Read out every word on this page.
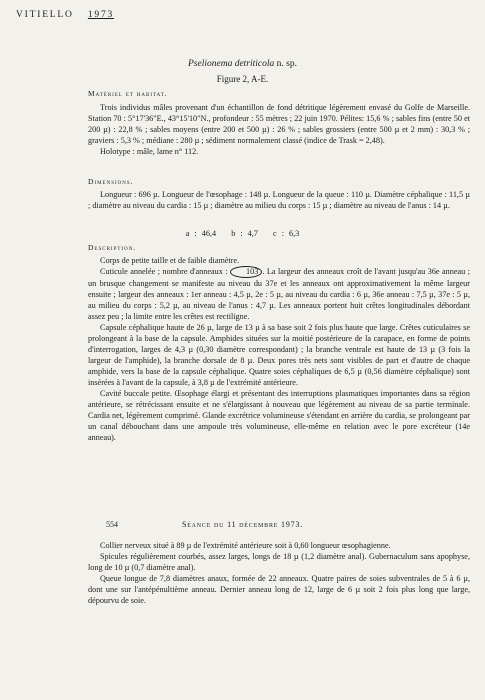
VITIELLO 1973
Pselionema detriticola n. sp.
Figure 2, A-E.
Matériel et habitat.

Trois individus mâles provenant d'un échantillon de fond détritique légèrement envasé du Golfe de Marseille. Station 70 : 5°17'36"E., 43°15'10"N., profondeur : 55 mètres ; 22 juin 1970. Pélites: 15,6 % ; sables fins (entre 50 et 200 µ) : 22,8 % ; sables moyens (entre 200 et 500 µ) : 26 % ; sables grossiers (entre 500 µ et 2 mm) : 30,3 % ; graviers : 5,3 % ; médiane : 280 µ ; sédiment normalement classé (indice de Trask = 2,48).

Holotype : mâle, lame n° 112.

Dimensions.

Longueur : 696 µ. Longueur de l'œsophage : 148 µ. Longueur de la queue : 110 µ. Diamètre céphalique : 11,5 µ ; diamètre au niveau du cardia : 15 µ ; diamètre au milieu du corps : 15 µ ; diamètre au niveau de l'anus : 14 µ.

a : 46,4   b : 4,7   c : 6,3
Description.

Corps de petite taille et de faible diamètre.

Cuticule annelée ; nombre d'anneaux : 103 . La largeur des anneaux croît de l'avant jusqu'au 36e anneau ; un brusque changement se manifeste au niveau du 37e et les anneaux ont approximativement la même largeur ensuite ; largeur des anneaux : 1er anneau : 4,5 µ, 2e : 5 µ, au niveau du cardia : 6 µ, 36e anneau : 7,5 µ, 37e : 5 µ, au milieu du corps : 5,2 µ, au niveau de l'anus : 4,7 µ. Les anneaux portent huit crêtes longitudinales débordant assez peu ; la limite entre les crêtes est rectiligne.

Capsule céphalique haute de 26 µ, large de 13 µ à sa base soit 2 fois plus haute que large. Crêtes cuticulaires se prolongeant à la base de la capsule. Amphides situées sur la moitié postérieure de la carapace, en forme de points d'interrogation, larges de 4,3 µ (0,30 diamètre correspondant) ; la branche ventrale est haute de 13 µ (3 fois la largeur de l'amphide), la branche dorsale de 8 µ. Deux pores très nets sont visibles de part et d'autre de chaque amphide, vers la base de la capsule céphalique. Quatre soies céphaliques de 6,5 µ (0,56 diamètre céphalique) sont insérées à l'avant de la capsule, à 3,8 µ de l'extrémité antérieure.

Cavité buccale petite. Œsophage élargi et présentant des interruptions plasmatiques importantes dans sa région antérieure, se rétrécissant ensuite et ne s'élargissant à nouveau que légèrement au niveau de sa partie terminale. Cardia net, légèrement comprimé. Glande excrétrice volumineuse s'étendant en arrière du cardia, se prolongeant par un canal débouchant dans une ampoule très volumineuse, elle-même en relation avec le pore excréteur (14e anneau).

554	Séance du 11 décembre 1973.

Collier nerveux situé à 89 µ de l'extrémité antérieure soit à 0,60 longueur œsophagienne.

Spicules régulièrement courbés, assez larges, longs de 18 µ (1,2 diamètre anal). Gubernaculum sans apophyse, long de 10 µ (0,7 diamètre anal).

Queue longue de 7,8 diamètres anaux, formée de 22 anneaux. Quatre paires de soies subventrales de 5 à 6 µ, dont une sur l'antépénultième anneau. Dernier anneau long de 12, large de 6 µ soit 2 fois plus long que large, dépourvu de soie.
